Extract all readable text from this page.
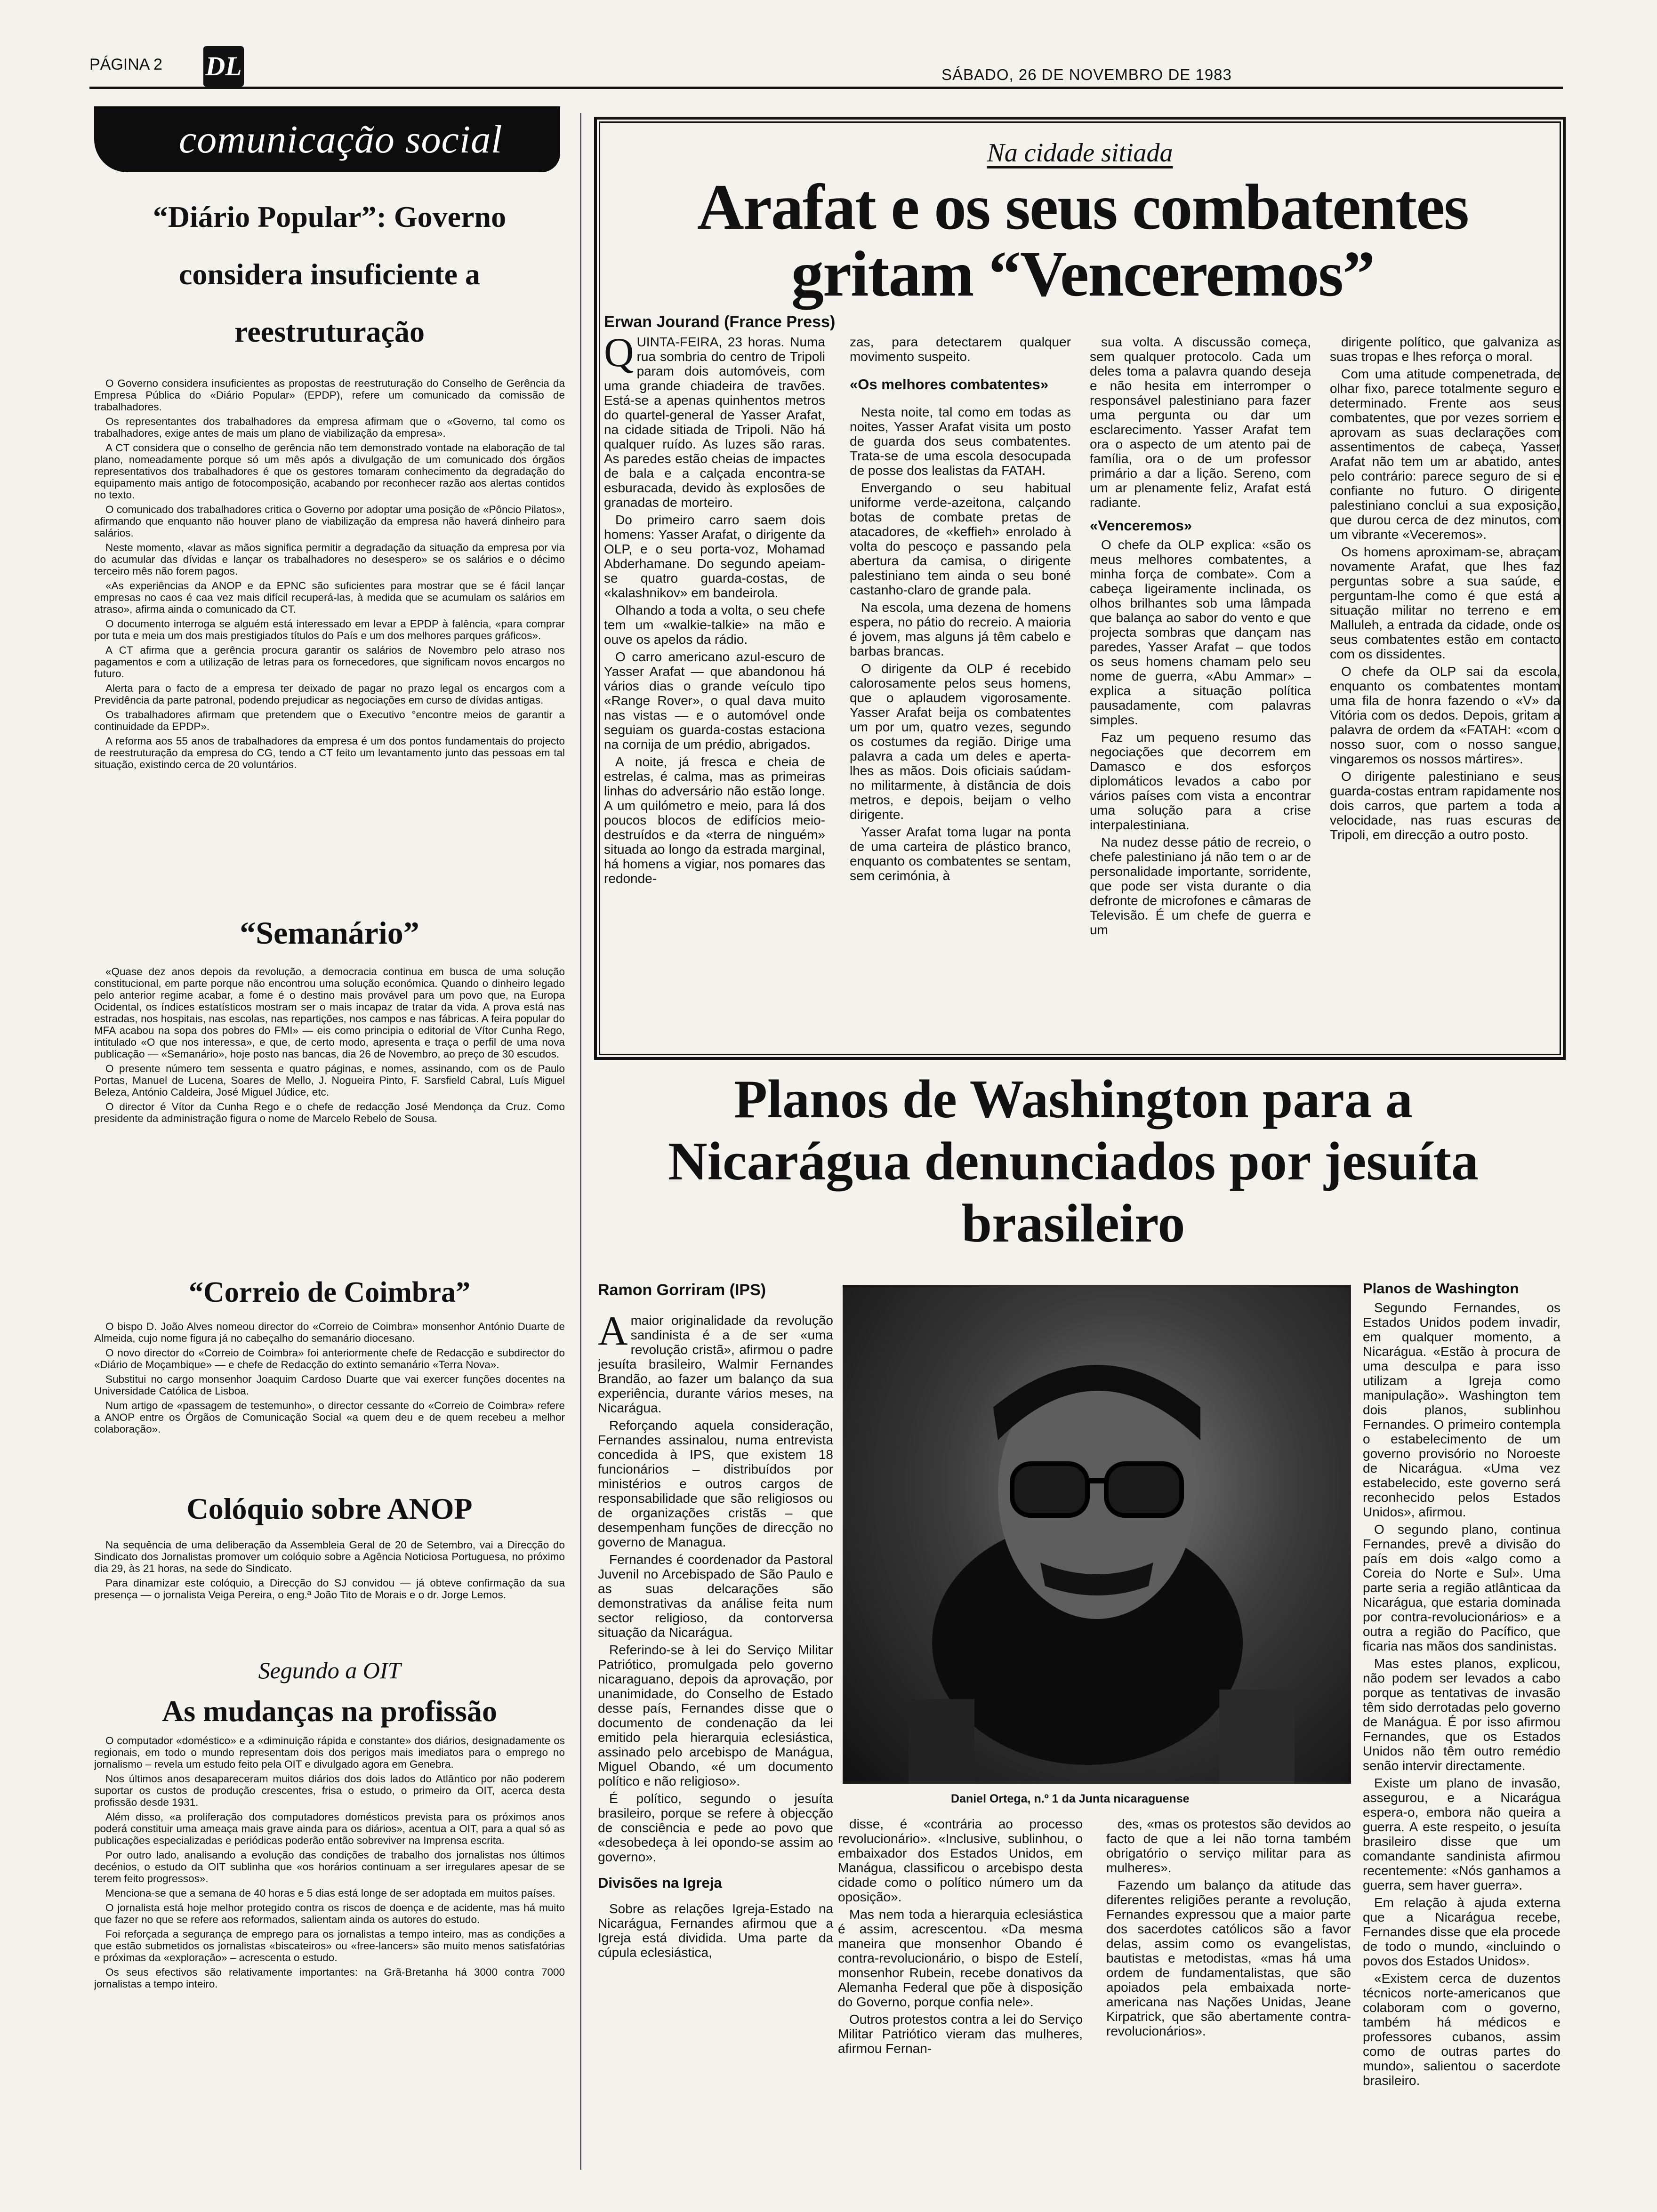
PÁGINA 2 DL	SÁBADO, 26 DE NOVEMBRO DE 1983
comunicação social
“Diário Popular”: Governo considera insuficiente a reestruturação

O Governo considera insuficientes as propostas de reestruturação do Conselho de Gerência da Empresa Pública do «Diário Popular» (EPDP), refere um comunicado da comissão de trabalhadores.

Os representantes dos trabalhadores da empresa afirmam que o «Governo, tal como os trabalhadores, exige antes de mais um plano de viabilização da empresa».

A CT considera que o conselho de gerência não tem demonstrado vontade na elaboração de tal plano, nomeadamente porque só um mês após a divulgação de um comunicado dos órgãos representativos dos trabalhadores é que os gestores tomaram conhecimento da degradação do equipamento mais antigo de fotocomposição, acabando por reconhecer razão aos alertas contidos no texto.

O comunicado dos trabalhadores critica o Governo por adoptar uma posição de «Pôncio Pilatos», afirmando que enquanto não houver plano de viabilização da empresa não haverá dinheiro para salários.

Neste momento, «lavar as mãos significa permitir a degradação da situação da empresa por via do acumular das dívidas e lançar os trabalhadores no desespero» se os salários e o décimo terceiro mês não forem pagos.

«As experiências da ANOP e da EPNC são suficientes para mostrar que se é fácil lançar empresas no caos é caa vez mais difícil recuperá-las, à medida que se acumulam os salários em atraso», afirma ainda o comunicado da CT.

O documento interroga se alguém está interessado em levar a EPDP à falência, «para comprar por tuta e meia um dos mais prestigiados títulos do País e um dos melhores parques gráficos».

A CT afirma que a gerência procura garantir os salários de Novembro pelo atraso nos pagamentos e com a utilização de letras para os fornecedores, que significam novos encargos no futuro.

Alerta para o facto de a empresa ter deixado de pagar no prazo legal os encargos com a Previdência da parte patronal, podendo prejudicar as negociações em curso de dívidas antigas.

Os trabalhadores afirmam que pretendem que o Executivo °encontre meios de garantir a continuidade da EPDP».

A reforma aos 55 anos de trabalhadores da empresa é um dos pontos fundamentais do projecto de reestruturação da empresa do CG, tendo a CT feito um levantamento junto das pessoas em tal situação, existindo cerca de 20 voluntários.

“Semanário”

«Quase dez anos depois da revolução, a democracia continua em busca de uma solução constitucional, em parte porque não encontrou uma solução económica. Quando o dinheiro legado pelo anterior regime acabar, a fome é o destino mais provável para um povo que, na Europa Ocidental, os índices estatísticos mostram ser o mais incapaz de tratar da vida. A prova está nas estradas, nos hospitais, nas escolas, nas repartições, nos campos e nas fábricas. A feira popular do MFA acabou na sopa dos pobres do FMI» — eis como principia o editorial de Vítor Cunha Rego, intitulado «O que nos interessa», e que, de certo modo, apresenta e traça o perfil de uma nova publicação — «Semanário», hoje posto nas bancas, dia 26 de Novembro, ao preço de 30 escudos.

O presente número tem sessenta e quatro páginas, e nomes, assinando, com os de Paulo Portas, Manuel de Lucena, Soares de Mello, J. Nogueira Pinto, F. Sarsfield Cabral, Luís Miguel Beleza, António Caldeira, José Miguel Júdice, etc.

O director é Vítor da Cunha Rego e o chefe de redacção José Mendonça da Cruz. Como presidente da administração figura o nome de Marcelo Rebelo de Sousa.

“Correio de Coimbra”

O bispo D. João Alves nomeou director do «Correio de Coimbra» monsenhor António Duarte de Almeida, cujo nome figura já no cabeçalho do semanário diocesano.

O novo director do «Correio de Coimbra» foi anteriormente chefe de Redacção e subdirector do «Diário de Moçambique» — e chefe de Redacção do extinto semanário «Terra Nova».

Substitui no cargo monsenhor Joaquim Cardoso Duarte que vai exercer funções docentes na Universidade Católica de Lisboa.

Num artigo de «passagem de testemunho», o director cessante do «Correio de Coimbra» refere a ANOP entre os Órgãos de Comunicação Social «a quem deu e de quem recebeu a melhor colaboração».

Colóquio sobre ANOP

Na sequência de uma deliberação da Assembleia Geral de 20 de Setembro, vai a Direcção do Sindicato dos Jornalistas promover um colóquio sobre a Agência Noticiosa Portuguesa, no próximo dia 29, às 21 horas, na sede do Sindicato.

Para dinamizar este colóquio, a Direcção do SJ convidou — já obteve confirmação da sua presença — o jornalista Veiga Pereira, o eng.ª João Tito de Morais e o dr. Jorge Lemos.

Segundo a OIT
As mudanças na profissão

O computador «doméstico» e a «diminuição rápida e constante» dos diários, designadamente os regionais, em todo o mundo representam dois dos perigos mais imediatos para o emprego no jornalismo – revela um estudo feito pela OIT e divulgado agora em Genebra.

Nos últimos anos desapareceram muitos diários dos dois lados do Atlântico por não poderem suportar os custos de produção crescentes, frisa o estudo, o primeiro da OIT, acerca desta profissão desde 1931.

Além disso, «a proliferação dos computadores domésticos prevista para os próximos anos poderá constituir uma ameaça mais grave ainda para os diários», acentua a OIT, para a qual só as publicações especializadas e periódicas poderão então sobreviver na Imprensa escrita.

Por outro lado, analisando a evolução das condições de trabalho dos jornalistas nos últimos decénios, o estudo da OIT sublinha que «os horários continuam a ser irregulares apesar de se terem feito progressos».

Menciona-se que a semana de 40 horas e 5 dias está longe de ser adoptada em muitos países.

O jornalista está hoje melhor protegido contra os riscos de doença e de acidente, mas há muito que fazer no que se refere aos reformados, salientam ainda os autores do estudo.

Foi reforçada a segurança de emprego para os jornalistas a tempo inteiro, mas as condições a que estão submetidos os jornalistas «biscateiros» ou «free-lancers» são muito menos satisfatórias e próximas da «exploração» – acrescenta o estudo.

Os seus efectivos são relativamente importantes: na Grã-Bretanha há 3000 contra 7000 jornalistas a tempo inteiro.

Na cidade sitiada
Arafat e os seus combatentes gritam “Venceremos”
Erwan Jourand (France Press)

QUINTA-FEIRA, 23 horas. Numa rua sombria do centro de Tripoli param dois automóveis, com uma grande chiadeira de travões. Está-se a apenas quinhentos metros do quartel-general de Yasser Arafat, na cidade sitiada de Tripoli. Não há qualquer ruído. As luzes são raras. As paredes estão cheias de impactes de bala e a calçada encontra-se esburacada, devido às explosões de granadas de morteiro.

Do primeiro carro saem dois homens: Yasser Arafat, o dirigente da OLP, e o seu porta-voz, Mohamad Abderhamane. Do segundo apeiam-se quatro guarda-costas, de «kalashnikov» em bandeirola.

Olhando a toda a volta, o seu chefe tem um «walkie-talkie» na mão e ouve os apelos da rádio.

O carro americano azul-escuro de Yasser Arafat — que abandonou há vários dias o grande veículo tipo «Range Rover», o qual dava muito nas vistas — e o automóvel onde seguiam os guarda-costas estaciona na cornija de um prédio, abrigados.

A noite, já fresca e cheia de estrelas, é calma, mas as primeiras linhas do adversário não estão longe. A um quilómetro e meio, para lá dos poucos blocos de edifícios meio-destruídos e da «terra de ninguém» situada ao longo da estrada marginal, há homens a vigiar, nos pomares das redonde-

zas, para detectarem qualquer movimento suspeito.

«Os melhores combatentes»

Nesta noite, tal como em todas as noites, Yasser Arafat visita um posto de guarda dos seus combatentes. Trata-se de uma escola desocupada de posse dos lealistas da FATAH.

Envergando o seu habitual uniforme verde-azeitona, calçando botas de combate pretas de atacadores, de «keffieh» enrolado à volta do pescoço e passando pela abertura da camisa, o dirigente palestiniano tem ainda o seu boné castanho-claro de grande pala.

Na escola, uma dezena de homens espera, no pátio do recreio. A maioria é jovem, mas alguns já têm cabelo e barbas brancas.

O dirigente da OLP é recebido calorosamente pelos seus homens, que o aplaudem vigorosamente. Yasser Arafat beija os combatentes um por um, quatro vezes, segundo os costumes da região. Dirige uma palavra a cada um deles e aperta-lhes as mãos. Dois oficiais saúdam-no militarmente, à distância de dois metros, e depois, beijam o velho dirigente.

Yasser Arafat toma lugar na ponta de uma carteira de plástico branco, enquanto os combatentes se sentam, sem cerimónia, à

sua volta. A discussão começa, sem qualquer protocolo. Cada um deles toma a palavra quando deseja e não hesita em interromper o responsável palestiniano para fazer uma pergunta ou dar um esclarecimento. Yasser Arafat tem ora o aspecto de um atento pai de família, ora o de um professor primário a dar a lição. Sereno, com um ar plenamente feliz, Arafat está radiante.

«Venceremos»

O chefe da OLP explica: «são os meus melhores combatentes, a minha força de combate». Com a cabeça ligeiramente inclinada, os olhos brilhantes sob uma lâmpada que balança ao sabor do vento e que projecta sombras que dançam nas paredes, Yasser Arafat – que todos os seus homens chamam pelo seu nome de guerra, «Abu Ammar» – explica a situação política pausadamente, com palavras simples.

Faz um pequeno resumo das negociações que decorrem em Damasco e dos esforços diplomáticos levados a cabo por vários países com vista a encontrar uma solução para a crise interpalestiniana.

Na nudez desse pátio de recreio, o chefe palestiniano já não tem o ar de personalidade importante, sorridente, que pode ser vista durante o dia defronte de microfones e câmaras de Televisão. É um chefe de guerra e um

dirigente político, que galvaniza as suas tropas e lhes reforça o moral.

Com uma atitude compenetrada, de olhar fixo, parece totalmente seguro e determinado. Frente aos seus combatentes, que por vezes sorriem e aprovam as suas declarações com assentimentos de cabeça, Yasser Arafat não tem um ar abatido, antes pelo contrário: parece seguro de si e confiante no futuro. O dirigente palestiniano conclui a sua exposição, que durou cerca de dez minutos, com um vibrante «Veceremos».

Os homens aproximam-se, abraçam novamente Arafat, que lhes faz perguntas sobre a sua saúde, e perguntam-lhe como é que está a situação militar no terreno e em Malluleh, a entrada da cidade, onde os seus combatentes estão em contacto com os dissidentes.

O chefe da OLP sai da escola, enquanto os combatentes montam uma fila de honra fazendo o «V» da Vitória com os dedos. Depois, gritam a palavra de ordem da «FATAH: «com o nosso suor, com o nosso sangue, vingaremos os nossos mártires».

O dirigente palestiniano e seus guarda-costas entram rapidamente nos dois carros, que partem a toda a velocidade, nas ruas escuras de Tripoli, em direcção a outro posto.

Planos de Washington para a Nicarágua denunciados por jesuíta brasileiro
Ramon Gorriram (IPS)

A maior originalidade da revolução sandinista é a de ser «uma revolução cristã», afirmou o padre jesuíta brasileiro, Walmir Fernandes Brandão, ao fazer um balanço da sua experiência, durante vários meses, na Nicarágua.

Reforçando aquela consideração, Fernandes assinalou, numa entrevista concedida à IPS, que existem 18 funcionários – distribuídos por ministérios e outros cargos de responsabilidade que são religiosos ou de organizações cristãs – que desempenham funções de direcção no governo de Managua.

Fernandes é coordenador da Pastoral Juvenil no Arcebispado de São Paulo e as suas delcarações são demonstrativas da análise feita num sector religioso, da contorversa situação da Nicarágua.

Referindo-se à lei do Serviço Militar Patriótico, promulgada pelo governo nicaraguano, depois da aprovação, por unanimidade, do Conselho de Estado desse país, Fernandes disse que o documento de condenação da lei emitido pela hierarquia eclesiástica, assinado pelo arcebispo de Manágua, Miguel Obando, «é um documento político e não religioso».

É político, segundo o jesuíta brasileiro, porque se refere à objecção de consciência e pede ao povo que «desobedeça à lei opondo-se assim ao governo».

Divisões na Igreja

Sobre as relações Igreja-Estado na Nicarágua, Fernandes afirmou que a Igreja está dividida. Uma parte da cúpula eclesiástica,

Daniel Ortega, n.º 1 da Junta nicaraguense

disse, é «contrária ao processo revolucionário». «Inclusive, sublinhou, o embaixador dos Estados Unidos, em Manágua, classificou o arcebispo desta cidade como o político número um da oposição».

Mas nem toda a hierarquia eclesiástica é assim, acrescentou. «Da mesma maneira que monsenhor Obando é contra-revolucionário, o bispo de Estelí, monsenhor Rubein, recebe donativos da Alemanha Federal que põe à disposição do Governo, porque confia nele».

Outros protestos contra a lei do Serviço Militar Patriótico vieram das mulheres, afirmou Fernan-

des, «mas os protestos são devidos ao facto de que a lei não torna também obrigatório o serviço militar para as mulheres».

Fazendo um balanço da atitude das diferentes religiões perante a revolução, Fernandes expressou que a maior parte dos sacerdotes católicos são a favor delas, assim como os evangelistas, bautistas e metodistas, «mas há uma ordem de fundamentalistas, que são apoiados pela embaixada norte-americana nas Nações Unidas, Jeane Kirpatrick, que são abertamente contra-revolucionários».

Planos de Washington

Segundo Fernandes, os Estados Unidos podem invadir, em qualquer momento, a Nicarágua. «Estão à procura de uma desculpa e para isso utilizam a Igreja como manipulação». Washington tem dois planos, sublinhou Fernandes. O primeiro contempla o estabelecimento de um governo provisório no Noroeste de Nicarágua. «Uma vez estabelecido, este governo será reconhecido pelos Estados Unidos», afirmou.

O segundo plano, continua Fernandes, prevê a divisão do país em dois «algo como a Coreia do Norte e Sul». Uma parte seria a região atlânticaa da Nicarágua, que estaria dominada por contra-revolucionários» e a outra a região do Pacífico, que ficaria nas mãos dos sandinistas.

Mas estes planos, explicou, não podem ser levados a cabo porque as tentativas de invasão têm sido derrotadas pelo governo de Manágua. É por isso afirmou Fernandes, que os Estados Unidos não têm outro remédio senão intervir directamente.

Existe um plano de invasão, assegurou, e a Nicarágua espera-o, embora não queira a guerra. A este respeito, o jesuíta brasileiro disse que um comandante sandinista afirmou recentemente: «Nós ganhamos a guerra, sem haver guerra».

Em relação à ajuda externa que a Nicarágua recebe, Fernandes disse que ela procede de todo o mundo, «incluindo o povos dos Estados Unidos».

«Existem cerca de duzentos técnicos norte-americanos que colaboram com o governo, também há médicos e professores cubanos, assim como de outras partes do mundo», salientou o sacerdote brasileiro.
